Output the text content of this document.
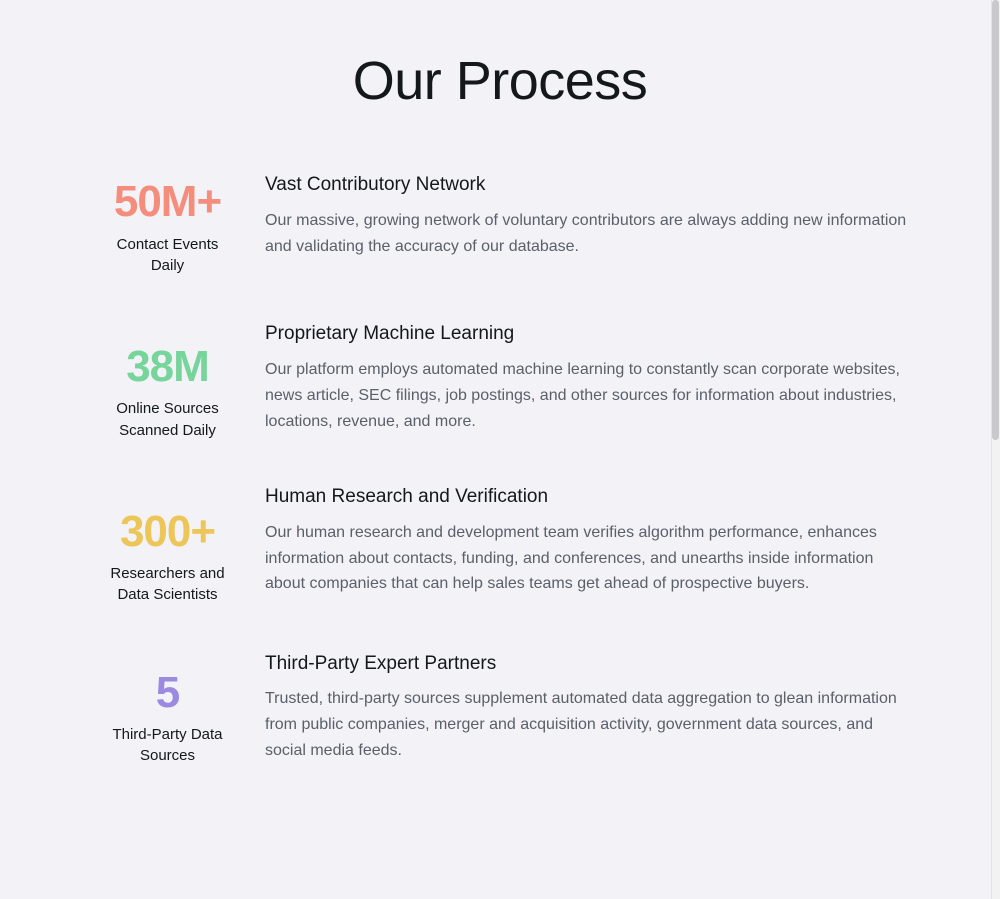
Our Process
50M+
Contact Events
Daily
Vast Contributory Network

Our massive, growing network of voluntary contributors are always adding new information and validating the accuracy of our database.

38M
Online Sources
Scanned Daily
Proprietary Machine Learning

Our platform employs automated machine learning to constantly scan corporate websites, news article, SEC filings, job postings, and other sources for information about industries, locations, revenue, and more.

300+
Researchers and
Data Scientists
Human Research and Verification

Our human research and development team verifies algorithm performance, enhances information about contacts, funding, and conferences, and unearths inside information about companies that can help sales teams get ahead of prospective buyers.

5
Third-Party Data
Sources
Third-Party Expert Partners

Trusted, third-party sources supplement automated data aggregation to glean information from public companies, merger and acquisition activity, government data sources, and social media feeds.
